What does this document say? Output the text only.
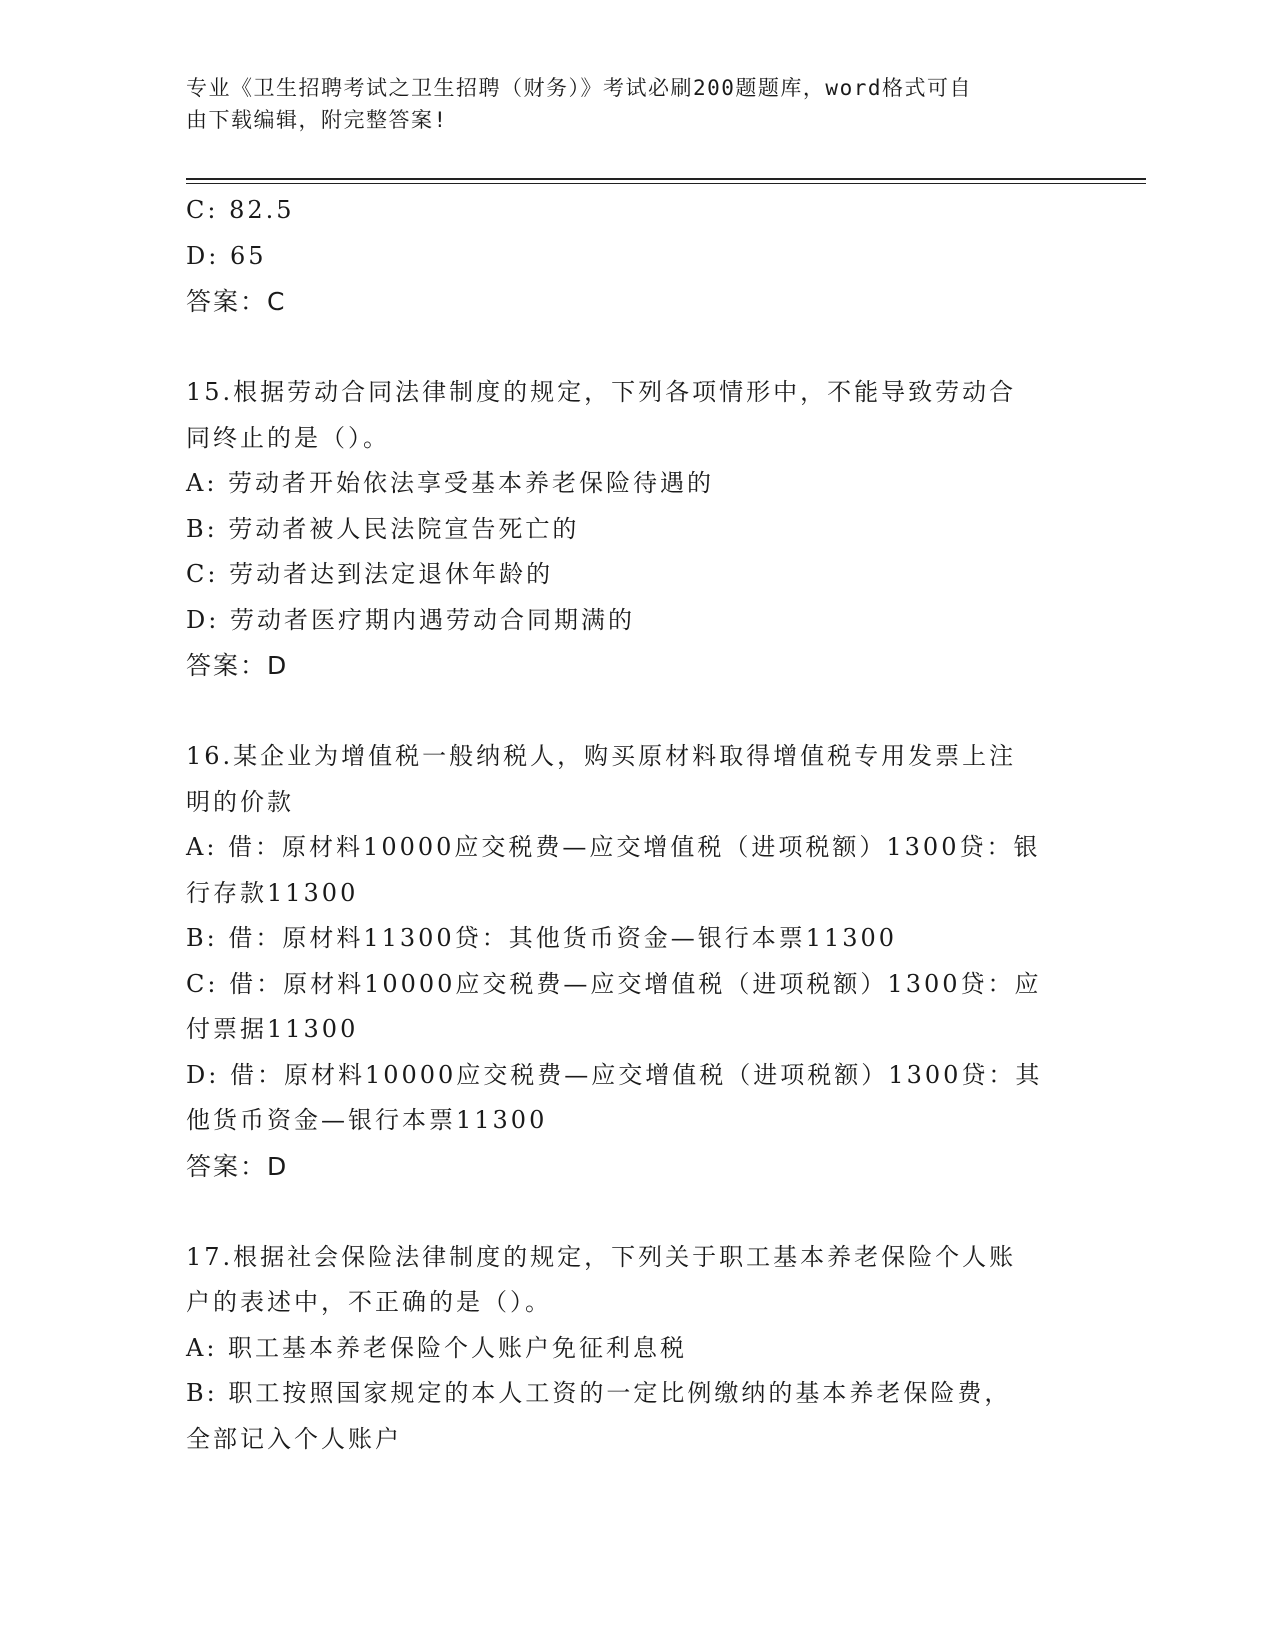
专业《卫生招聘考试之卫生招聘（财务）》考试必刷200题题库，word格式可自
由下载编辑，附完整答案!

C: 82.5

D: 65

答案：C

15.根据劳动合同法律制度的规定，下列各项情形中，不能导致劳动合

同终止的是（）。

A: 劳动者开始依法享受基本养老保险待遇的

B: 劳动者被人民法院宣告死亡的

C: 劳动者达到法定退休年龄的

D: 劳动者医疗期内遇劳动合同期满的

答案：D

16.某企业为增值税一般纳税人，购买原材料取得增值税专用发票上注

明的价款

A: 借：原材料10000应交税费—应交增值税（进项税额）1300贷：银

行存款11300

B: 借：原材料11300贷：其他货币资金—银行本票11300

C: 借：原材料10000应交税费—应交增值税（进项税额）1300贷：应

付票据11300

D: 借：原材料10000应交税费—应交增值税（进项税额）1300贷：其

他货币资金—银行本票11300

答案：D

17.根据社会保险法律制度的规定，下列关于职工基本养老保险个人账

户的表述中，不正确的是（）。

A: 职工基本养老保险个人账户免征利息税

B: 职工按照国家规定的本人工资的一定比例缴纳的基本养老保险费，

全部记入个人账户
